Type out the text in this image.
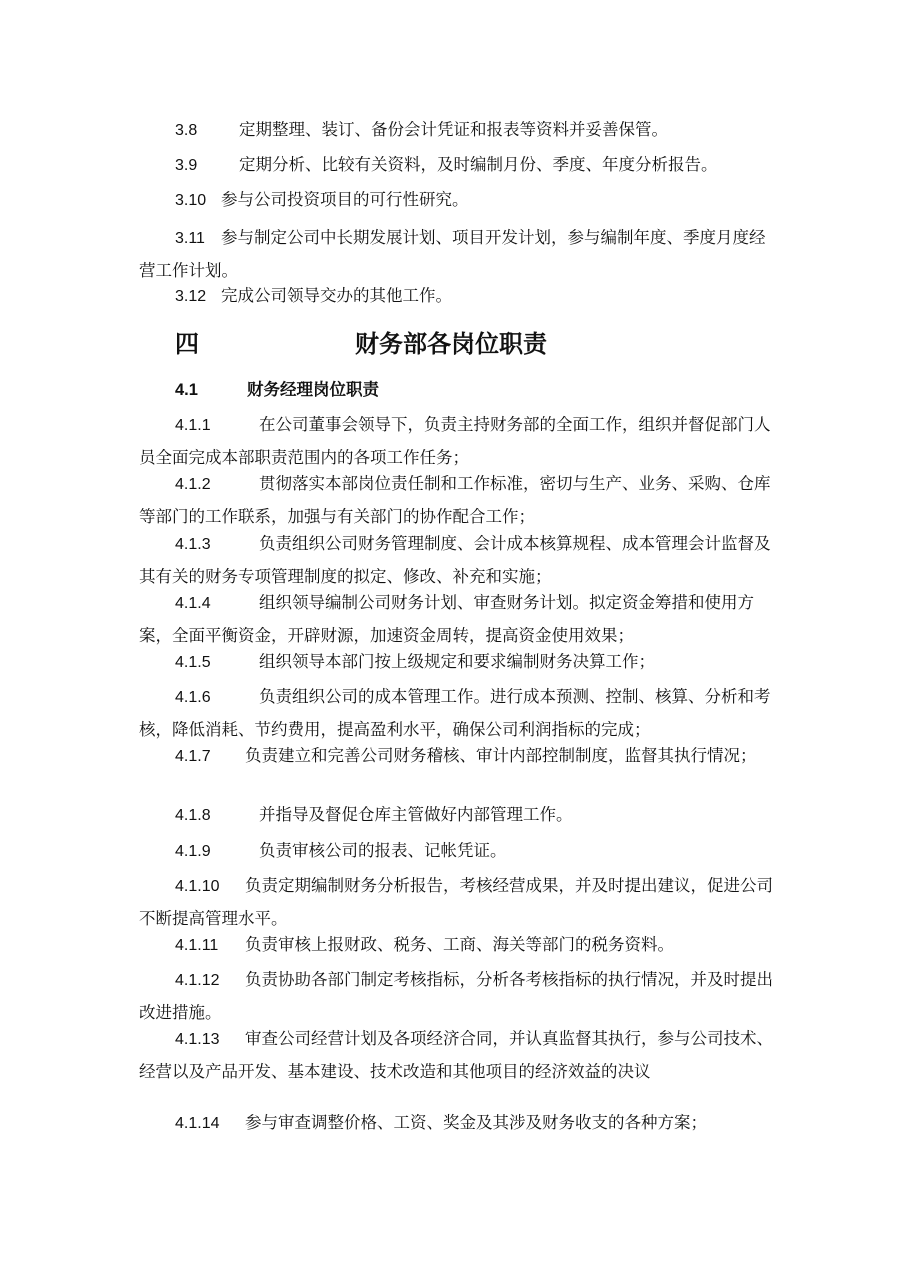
3.8	定期整理、装订、备份会计凭证和报表等资料并妥善保管。

3.9	定期分析、比较有关资料，及时编制月份、季度、年度分析报告。

3.10 参与公司投资项目的可行性研究。

3.11 参与制定公司中长期发展计划、项目开发计划，参与编制年度、季度月度经营工作计划。

3.12 完成公司领导交办的其他工作。

四	财务部各岗位职责
4.1	财务经理岗位职责

4.1.1	在公司董事会领导下，负责主持财务部的全面工作，组织并督促部门人员全面完成本部职责范围内的各项工作任务；

4.1.2	贯彻落实本部岗位责任制和工作标准，密切与生产、业务、采购、仓库等部门的工作联系，加强与有关部门的协作配合工作；

4.1.3	负责组织公司财务管理制度、会计成本核算规程、成本管理会计监督及其有关的财务专项管理制度的拟定、修改、补充和实施；

4.1.4	组织领导编制公司财务计划、审查财务计划。拟定资金筹措和使用方案，全面平衡资金，开辟财源，加速资金周转，提高资金使用效果；

4.1.5	组织领导本部门按上级规定和要求编制财务决算工作；

4.1.6	负责组织公司的成本管理工作。进行成本预测、控制、核算、分析和考核，降低消耗、节约费用，提高盈利水平，确保公司利润指标的完成；

4.1.7 负责建立和完善公司财务稽核、审计内部控制制度，监督其执行情况；

4.1.8	并指导及督促仓库主管做好内部管理工作。

4.1.9	负责审核公司的报表、记帐凭证。

4.1.10 负责定期编制财务分析报告，考核经营成果，并及时提出建议，促进公司不断提高管理水平。

4.1.11 负责审核上报财政、税务、工商、海关等部门的税务资料。

4.1.12 负责协助各部门制定考核指标，分析各考核指标的执行情况，并及时提出改进措施。

4.1.13 审查公司经营计划及各项经济合同，并认真监督其执行，参与公司技术、经营以及产品开发、基本建设、技术改造和其他项目的经济效益的决议

4.1.14 参与审查调整价格、工资、奖金及其涉及财务收支的各种方案；
